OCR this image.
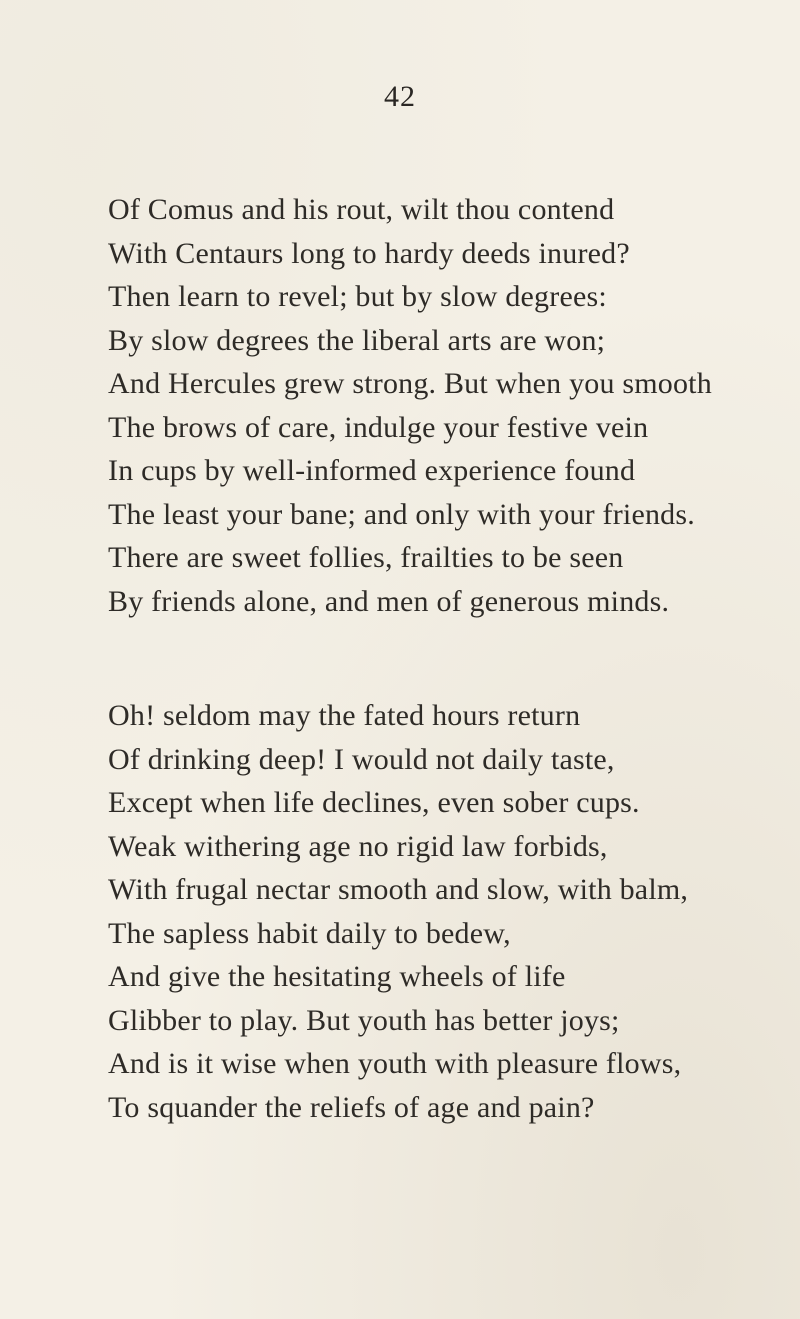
42
Of Comus and his rout, wilt thou contend
With Centaurs long to hardy deeds inured?
Then learn to revel; but by slow degrees:
By slow degrees the liberal arts are won;
And Hercules grew strong. But when you smooth
The brows of care, indulge your festive vein
In cups by well-informed experience found
The least your bane; and only with your friends.
There are sweet follies, frailties to be seen
By friends alone, and men of generous minds.
Oh! seldom may the fated hours return
Of drinking deep! I would not daily taste,
Except when life declines, even sober cups.
Weak withering age no rigid law forbids,
With frugal nectar smooth and slow, with balm,
The sapless habit daily to bedew,
And give the hesitating wheels of life
Glibber to play. But youth has better joys;
And is it wise when youth with pleasure flows,
To squander the reliefs of age and pain?
